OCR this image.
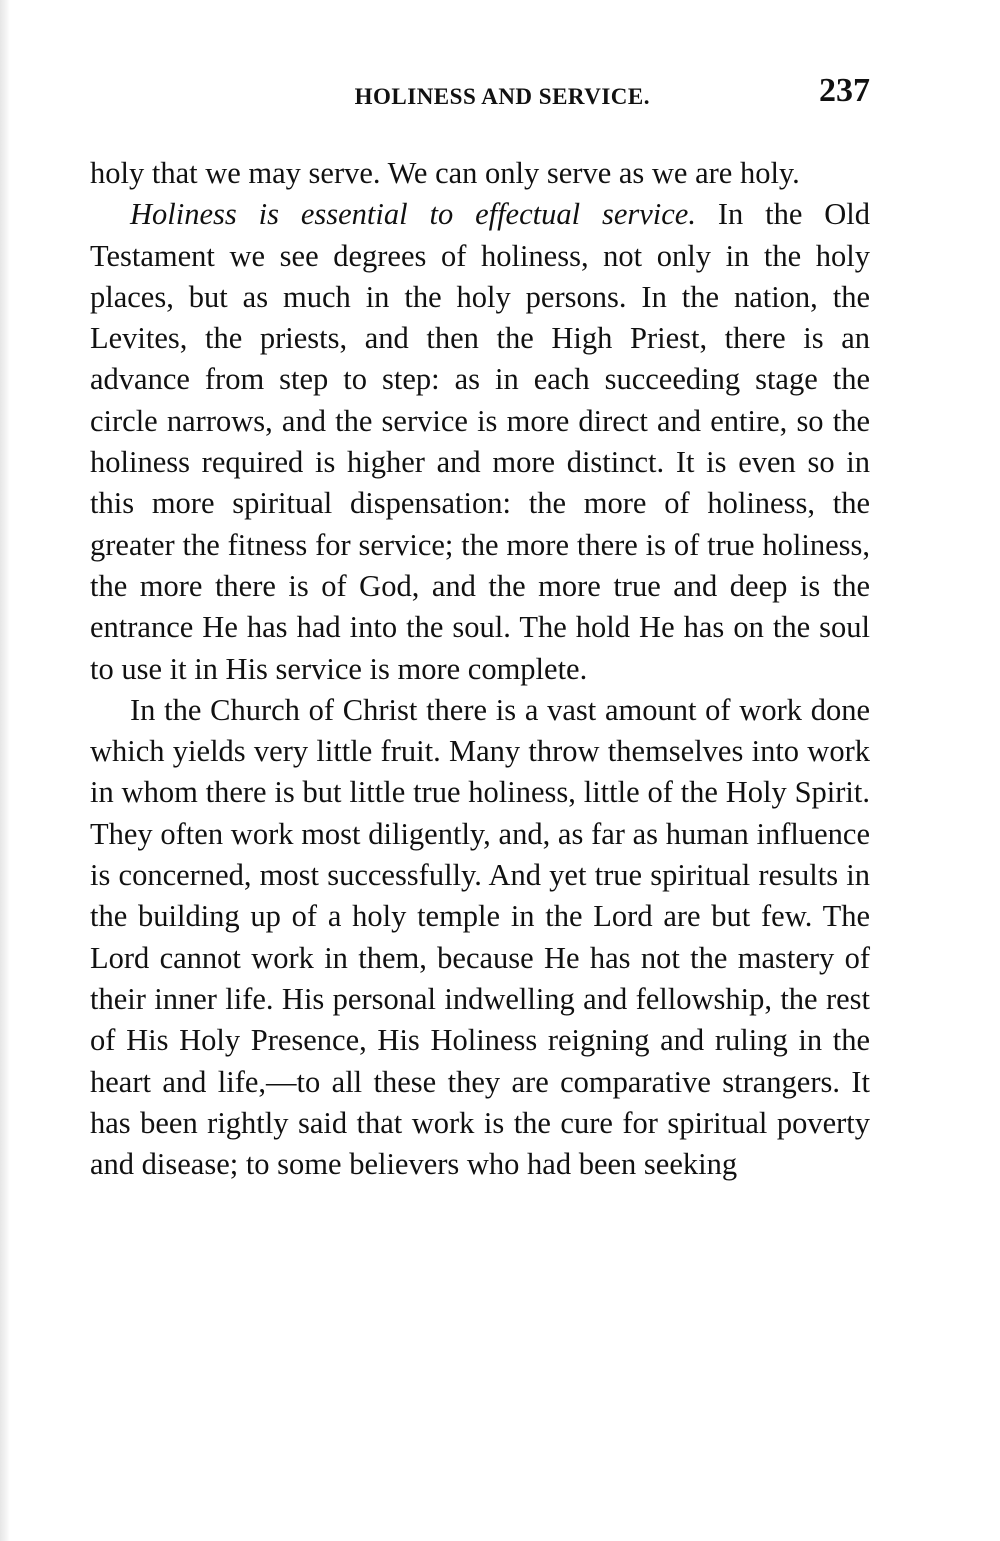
HOLINESS AND SERVICE.	237

holy that we may serve. We can only serve as we are holy.

Holiness is essential to effectual service. In the Old Testament we see degrees of holiness, not only in the holy places, but as much in the holy persons. In the nation, the Levites, the priests, and then the High Priest, there is an advance from step to step: as in each succeeding stage the circle narrows, and the service is more direct and entire, so the holiness required is higher and more distinct. It is even so in this more spiritual dispensation: the more of holiness, the greater the fitness for service; the more there is of true holiness, the more there is of God, and the more true and deep is the entrance He has had into the soul. The hold He has on the soul to use it in His service is more complete.

In the Church of Christ there is a vast amount of work done which yields very little fruit. Many throw themselves into work in whom there is but little true holiness, little of the Holy Spirit. They often work most diligently, and, as far as human influence is concerned, most successfully. And yet true spiritual results in the building up of a holy temple in the Lord are but few. The Lord cannot work in them, because He has not the mastery of their inner life. His personal indwelling and fellowship, the rest of His Holy Presence, His Holiness reigning and ruling in the heart and life,—to all these they are comparative strangers. It has been rightly said that work is the cure for spiritual poverty and disease; to some believers who had been seeking
